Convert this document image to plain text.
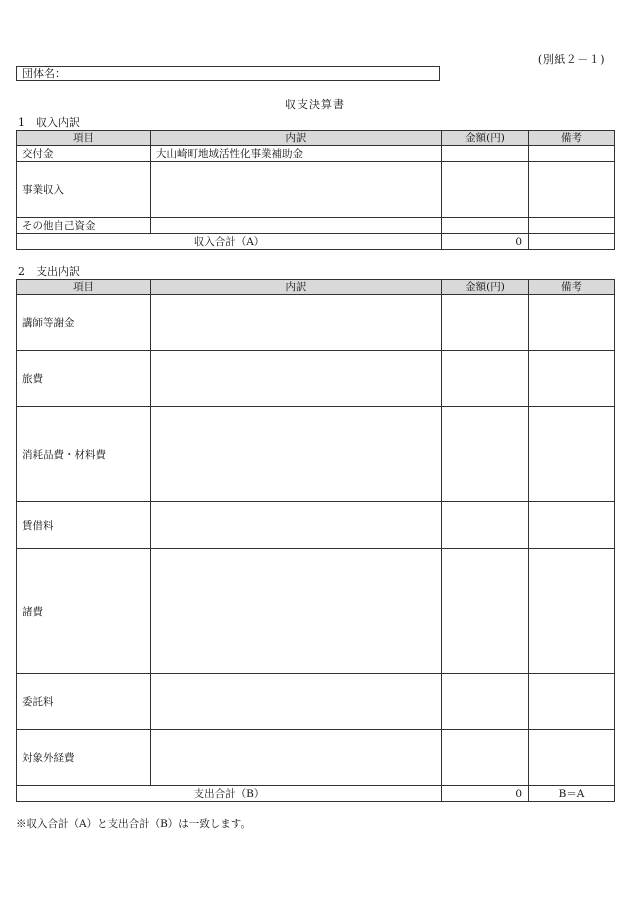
(別紙２－１)
団体名：
収支決算書
1　収入内訳
項目	内訳	金額(円)	備考
交付金	大山崎町地域活性化事業補助金		
事業収入			
その他自己資金			
収入合計（A）		0	
2　支出内訳
項目	内訳	金額(円)	備考
講師等謝金			
旅費			
消耗品費・材料費			
賃借料			
諸費			
委託料			
対象外経費			
支出合計（B）		0	B＝A
※収入合計（A）と支出合計（B）は一致します。
